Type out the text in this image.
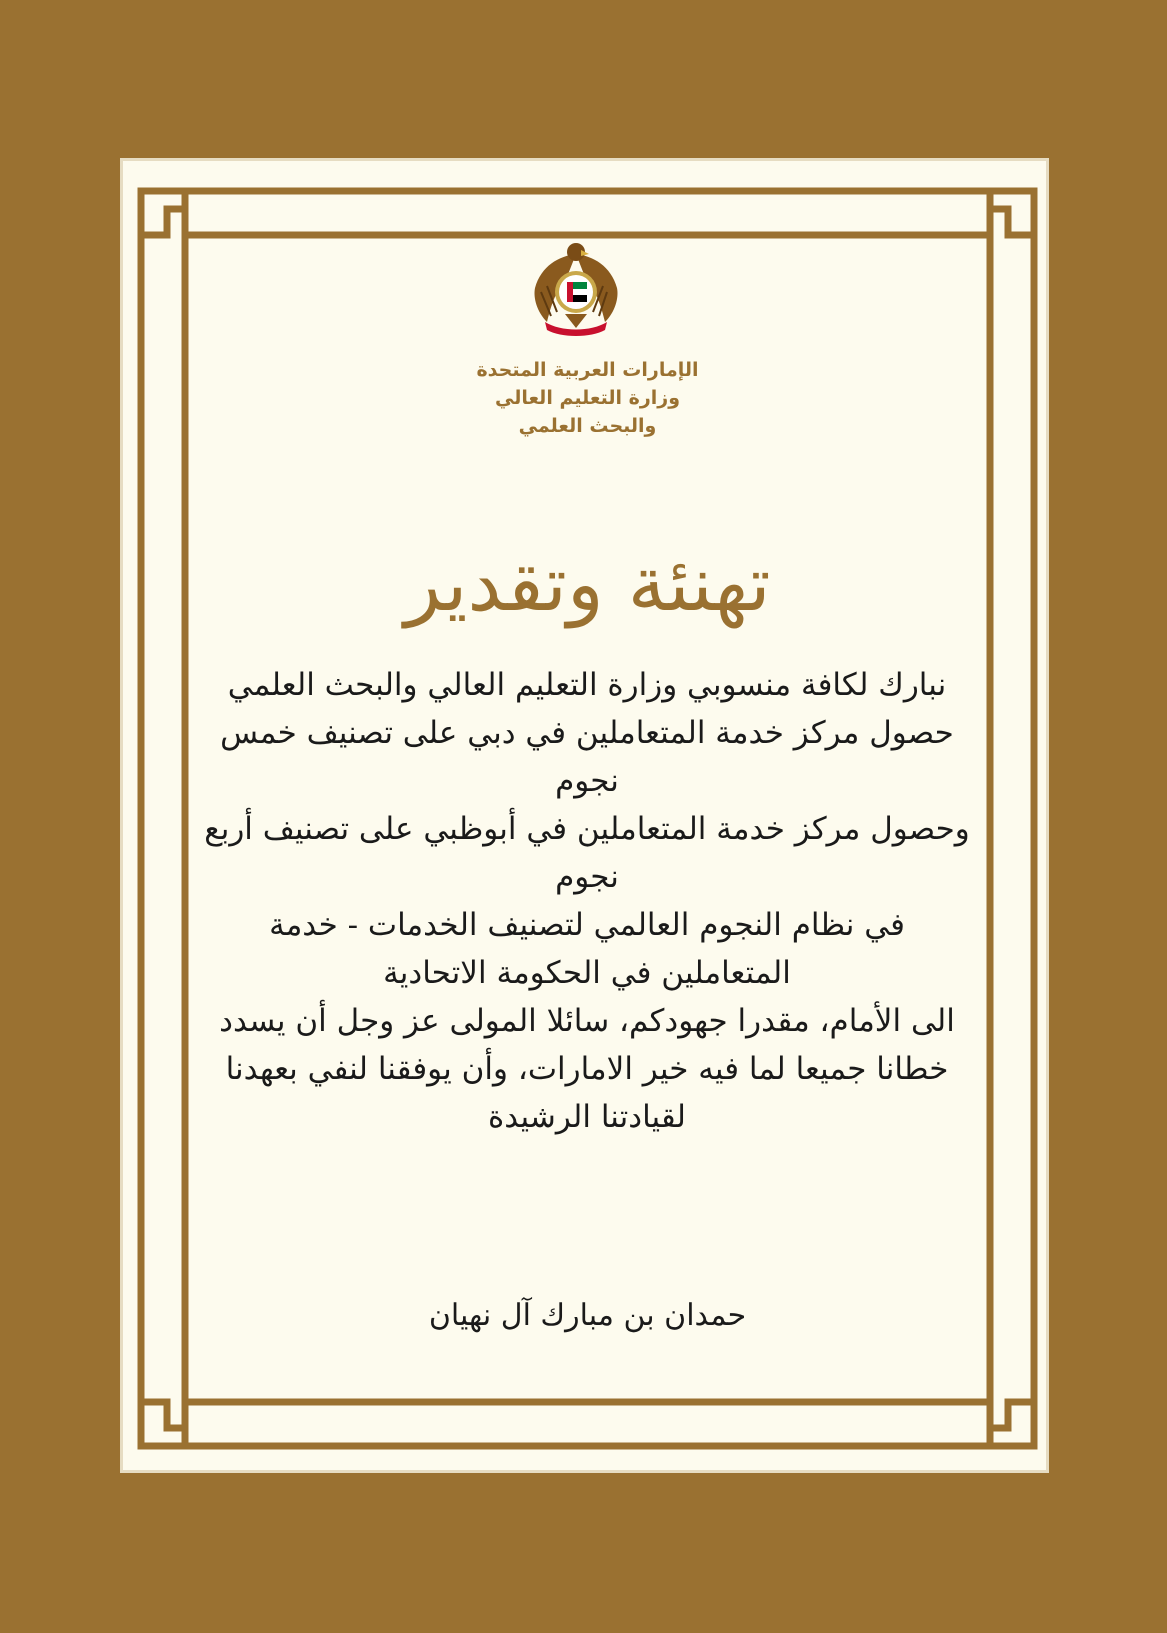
الإمارات العربية المتحدة
وزارة التعليم العالي
والبحث العلمي
تهنئة وتقدير
نبارك لكافة منسوبي وزارة التعليم العالي والبحث العلمي
حصول مركز خدمة المتعاملين في دبي على تصنيف خمس
نجوم
وحصول مركز خدمة المتعاملين في أبوظبي على تصنيف أربع
نجوم
في نظام النجوم العالمي لتصنيف الخدمات - خدمة
المتعاملين في الحكومة الاتحادية
الى الأمام، مقدرا جهودكم، سائلا المولى عز وجل أن يسدد
خطانا جميعا لما فيه خير الامارات، وأن يوفقنا لنفي بعهدنا
لقيادتنا الرشيدة
حمدان بن مبارك آل نهيان
